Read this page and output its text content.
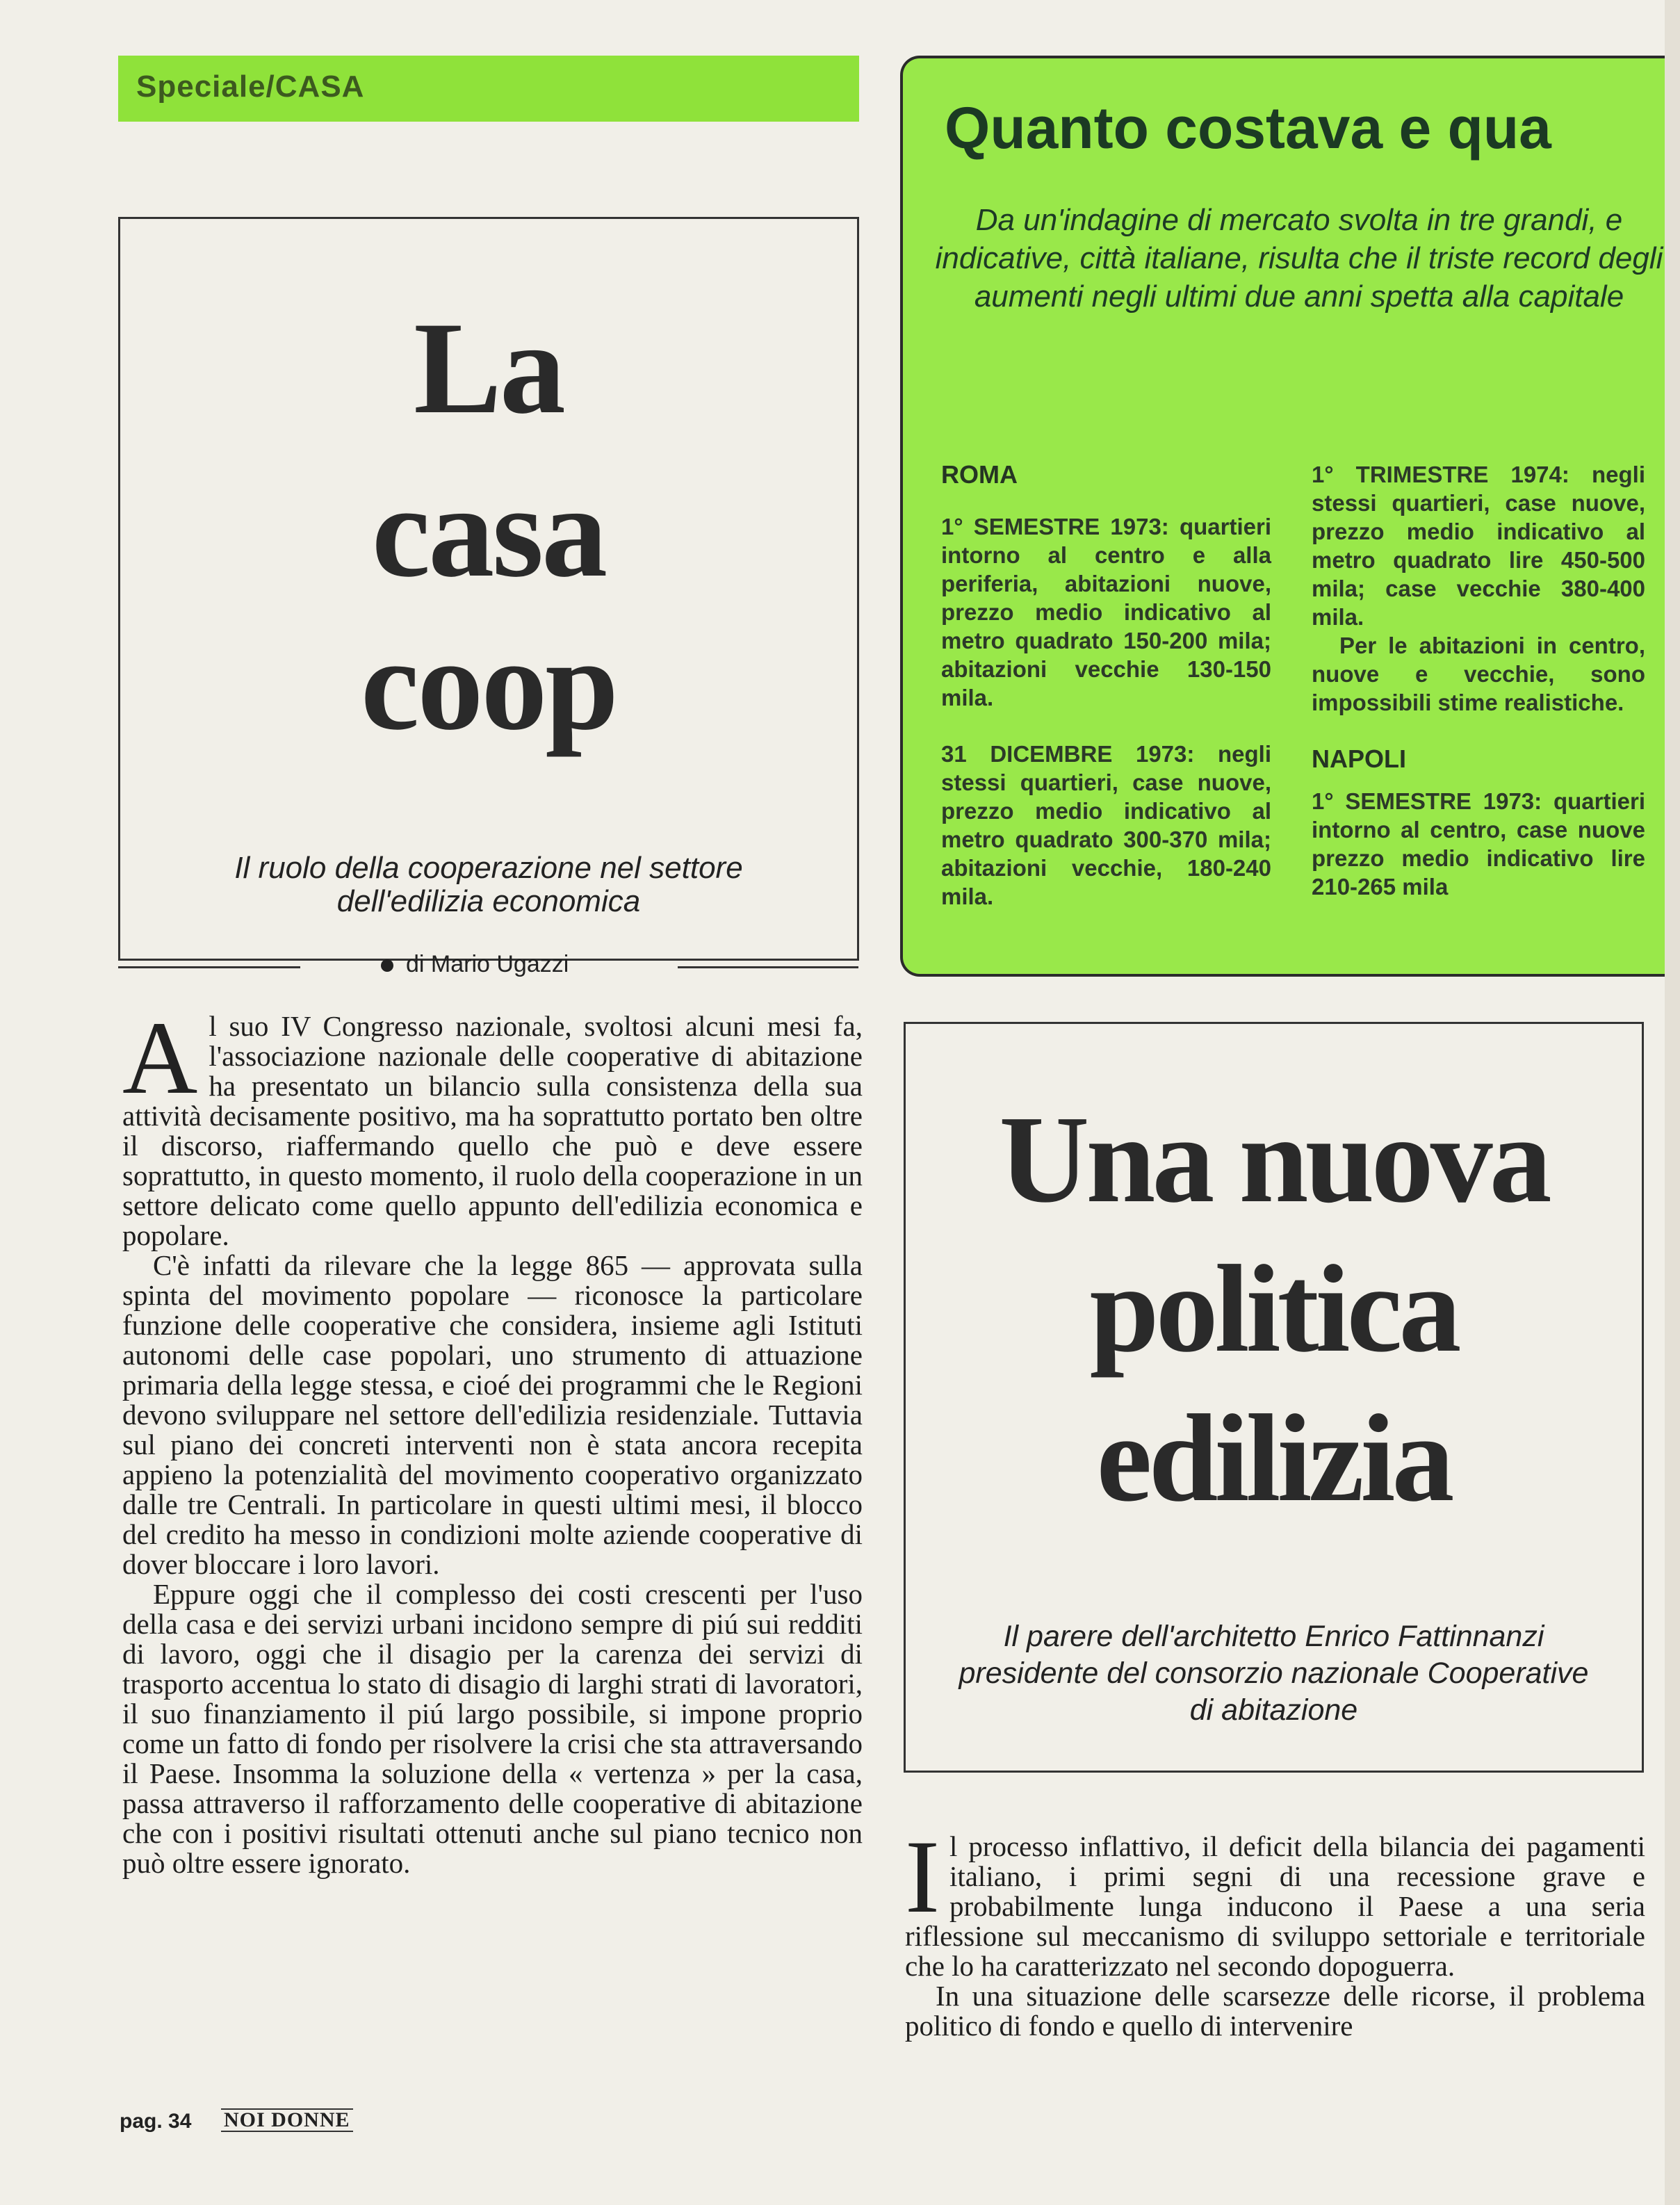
Speciale/CASA
La
casa
coop
Il ruolo della cooperazione nel settore dell'edilizia economica
di Mario Ugazzi

Al suo IV Congresso nazionale, svoltosi alcuni mesi fa, l'associazione nazionale delle cooperative di abitazione ha presentato un bilancio sulla consistenza della sua attività decisamente positivo, ma ha soprattutto portato ben oltre il discorso, riaffermando quello che può e deve essere soprattutto, in questo momento, il ruolo della cooperazione in un settore delicato come quello appunto dell'edilizia economica e popolare.

C'è infatti da rilevare che la legge 865 — approvata sulla spinta del movimento popolare — riconosce la particolare funzione delle cooperative che considera, insieme agli Istituti autonomi delle case popolari, uno strumento di attuazione primaria della legge stessa, e cioé dei programmi che le Regioni devono sviluppare nel settore dell'edilizia residenziale. Tuttavia sul piano dei concreti interventi non è stata ancora recepita appieno la potenzialità del movimento cooperativo organizzato dalle tre Centrali. In particolare in questi ultimi mesi, il blocco del credito ha messo in condizioni molte aziende cooperative di dover bloccare i loro lavori.

Eppure oggi che il complesso dei costi crescenti per l'uso della casa e dei servizi urbani incidono sempre di piú sui redditi di lavoro, oggi che il disagio per la carenza dei servizi di trasporto accentua lo stato di disagio di larghi strati di lavoratori, il suo finanziamento il piú largo possibile, si impone proprio come un fatto di fondo per risolvere la crisi che sta attraversando il Paese. Insomma la soluzione della « vertenza » per la casa, passa attraverso il rafforzamento delle cooperative di abitazione che con i positivi risultati ottenuti anche sul piano tecnico non può oltre essere ignorato.

Quanto costava e qua
Da un'indagine di mercato svolta in tre grandi, e indicative, città italiane, risulta che il triste record degli aumenti negli ultimi due anni spetta alla capitale

ROMA

1° SEMESTRE 1973: quartieri intorno al centro e alla periferia, abitazioni nuove, prezzo medio indicativo al metro quadrato 150-200 mila; abitazioni vecchie 130-150 mila.

31 DICEMBRE 1973: negli stessi quartieri, case nuove, prezzo medio indicativo al metro quadrato 300-370 mila; abitazioni vecchie, 180-240 mila.

1° TRIMESTRE 1974: negli stessi quartieri, case nuove, prezzo medio indicativo al metro quadrato lire 450-500 mila; case vecchie 380-400 mila.

Per le abitazioni in centro, nuove e vecchie, sono impossibili stime realistiche.

NAPOLI

1° SEMESTRE 1973: quartieri intorno al centro, case nuove prezzo medio indicativo lire 210-265 mila

Una nuova
politica
edilizia
Il parere dell'architetto Enrico Fattinnanzi presidente del consorzio nazionale Cooperative di abitazione

Il processo inflattivo, il deficit della bilancia dei pagamenti italiano, i primi segni di una recessione grave e probabilmente lunga inducono il Paese a una seria riflessione sul meccanismo di sviluppo settoriale e territoriale che lo ha caratterizzato nel secondo dopoguerra.

In una situazione delle scarsezze delle ricorse, il problema politico di fondo e quello di intervenire

pag. 34 NOI DONNE
